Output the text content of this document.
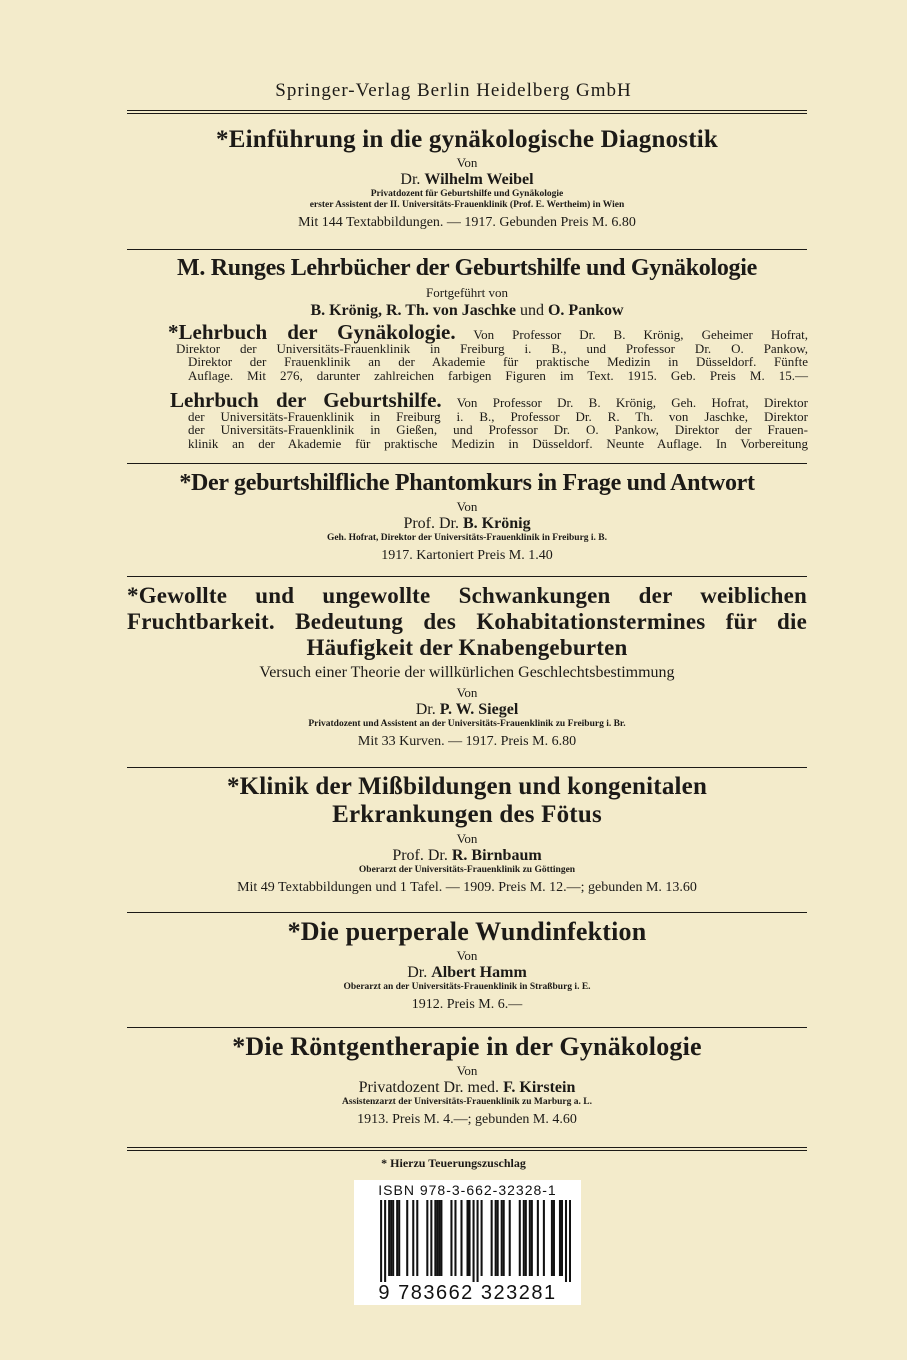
Springer-Verlag Berlin Heidelberg GmbH
*Einführung in die gynäkologische Diagnostik
Von
Dr. Wilhelm Weibel
Privatdozent für Geburtshilfe und Gynäkologie
erster Assistent der II. Universitäts-Frauenklinik (Prof. E. Wertheim) in Wien
Mit 144 Textabbildungen. — 1917. Gebunden Preis M. 6.80
M. Runges Lehrbücher der Geburtshilfe und Gynäkologie
Fortgeführt von
B. Krönig, R. Th. von Jaschke und O. Pankow
*Lehrbuch der Gynäkologie. Von Professor Dr. B. Krönig, Geheimer Hofrat,
Direktor der Universitäts-Frauenklinik in Freiburg i. B., und Professor Dr. O. Pankow,
Direktor der Frauenklinik an der Akademie für praktische Medizin in Düsseldorf. Fünfte
Auflage. Mit 276, darunter zahlreichen farbigen Figuren im Text. 1915. Geb. Preis M. 15.—
Lehrbuch der Geburtshilfe. Von Professor Dr. B. Krönig, Geh. Hofrat, Direktor
der Universitäts-Frauenklinik in Freiburg i. B., Professor Dr. R. Th. von Jaschke, Direktor
der Universitäts-Frauenklinik in Gießen, und Professor Dr. O. Pankow, Direktor der Frauen-
klinik an der Akademie für praktische Medizin in Düsseldorf. Neunte Auflage. In Vorbereitung
*Der geburtshilfliche Phantomkurs in Frage und Antwort
Von
Prof. Dr. B. Krönig
Geh. Hofrat, Direktor der Universitäts-Frauenklinik in Freiburg i. B.
1917. Kartoniert Preis M. 1.40
*Gewollte und ungewollte Schwankungen der weiblichen
Fruchtbarkeit. Bedeutung des Kohabitationstermines für die
Häufigkeit der Knabengeburten
Versuch einer Theorie der willkürlichen Geschlechtsbestimmung
Von
Dr. P. W. Siegel
Privatdozent und Assistent an der Universitäts-Frauenklinik zu Freiburg i. Br.
Mit 33 Kurven. — 1917. Preis M. 6.80
*Klinik der Mißbildungen und kongenitalen
Erkrankungen des Fötus
Von
Prof. Dr. R. Birnbaum
Oberarzt der Universitäts-Frauenklinik zu Göttingen
Mit 49 Textabbildungen und 1 Tafel. — 1909. Preis M. 12.—; gebunden M. 13.60
*Die puerperale Wundinfektion
Von
Dr. Albert Hamm
Oberarzt an der Universitäts-Frauenklinik in Straßburg i. E.
1912. Preis M. 6.—
*Die Röntgentherapie in der Gynäkologie
Von
Privatdozent Dr. med. F. Kirstein
Assistenzarzt der Universitäts-Frauenklinik zu Marburg a. L.
1913. Preis M. 4.—; gebunden M. 4.60
* Hierzu Teuerungszuschlag
ISBN 978-3-662-32328-1
9 783662 323281
